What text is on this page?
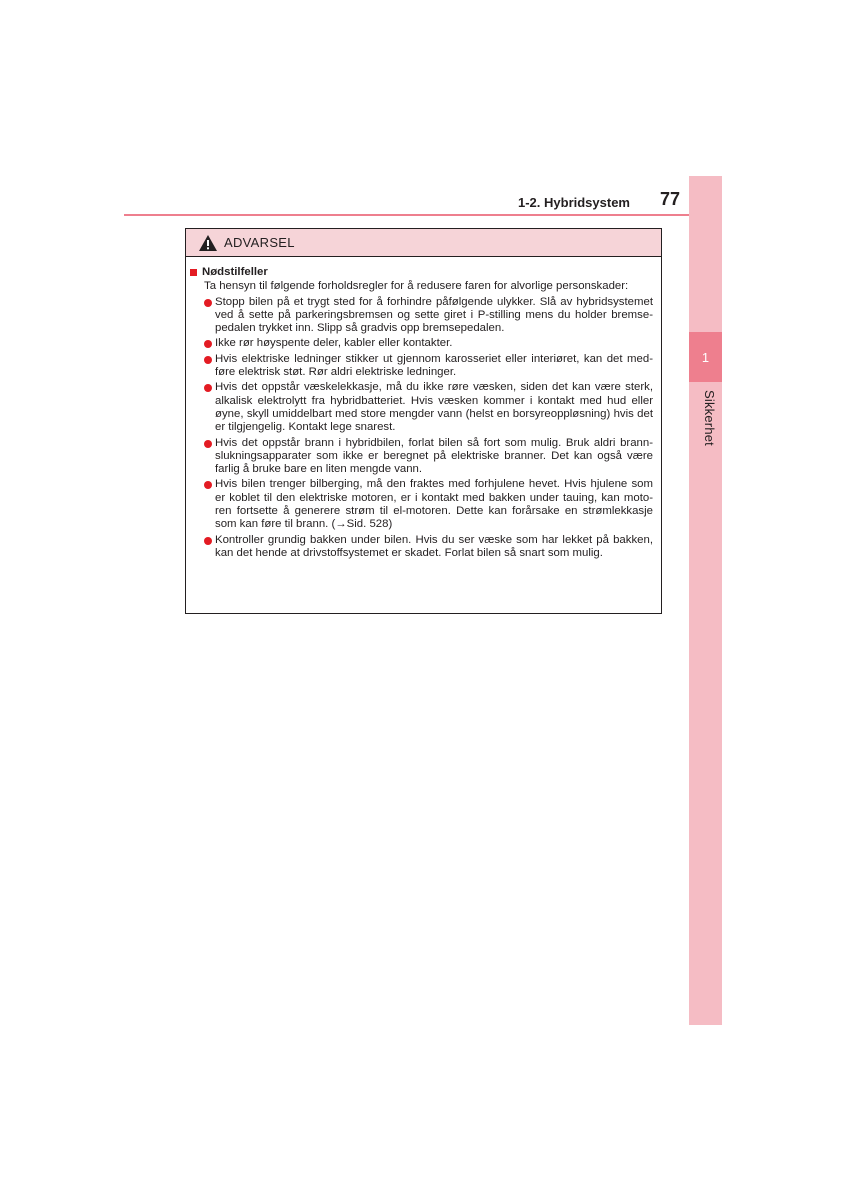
1
Sikkerhet
1-2. Hybridsystem 77
ADVARSEL
Nødstilfeller
Ta hensyn til følgende forholdsregler for å redusere faren for alvorlige personskader:
Stopp bilen på et trygt sted for å forhindre påfølgende ulykker. Slå av hybridsystemet ved å sette på parkeringsbremsen og sette giret i P-stilling mens du holder bremse-pedalen trykket inn. Slipp så gradvis opp bremsepedalen.
Ikke rør høyspente deler, kabler eller kontakter.
Hvis elektriske ledninger stikker ut gjennom karosseriet eller interiøret, kan det med-føre elektrisk støt. Rør aldri elektriske ledninger.
Hvis det oppstår væskelekkasje, må du ikke røre væsken, siden det kan være sterk, alkalisk elektrolytt fra hybridbatteriet. Hvis væsken kommer i kontakt med hud eller øyne, skyll umiddelbart med store mengder vann (helst en borsyreoppløsning) hvis det er tilgjengelig. Kontakt lege snarest.
Hvis det oppstår brann i hybridbilen, forlat bilen så fort som mulig. Bruk aldri brann-slukningsapparater som ikke er beregnet på elektriske branner. Det kan også være farlig å bruke bare en liten mengde vann.
Hvis bilen trenger bilberging, må den fraktes med forhjulene hevet. Hvis hjulene som er koblet til den elektriske motoren, er i kontakt med bakken under tauing, kan moto-ren fortsette å generere strøm til el-motoren. Dette kan forårsake en strømlekkasje som kan føre til brann. (→Sid. 528)
Kontroller grundig bakken under bilen. Hvis du ser væske som har lekket på bakken, kan det hende at drivstoffsystemet er skadet. Forlat bilen så snart som mulig.
